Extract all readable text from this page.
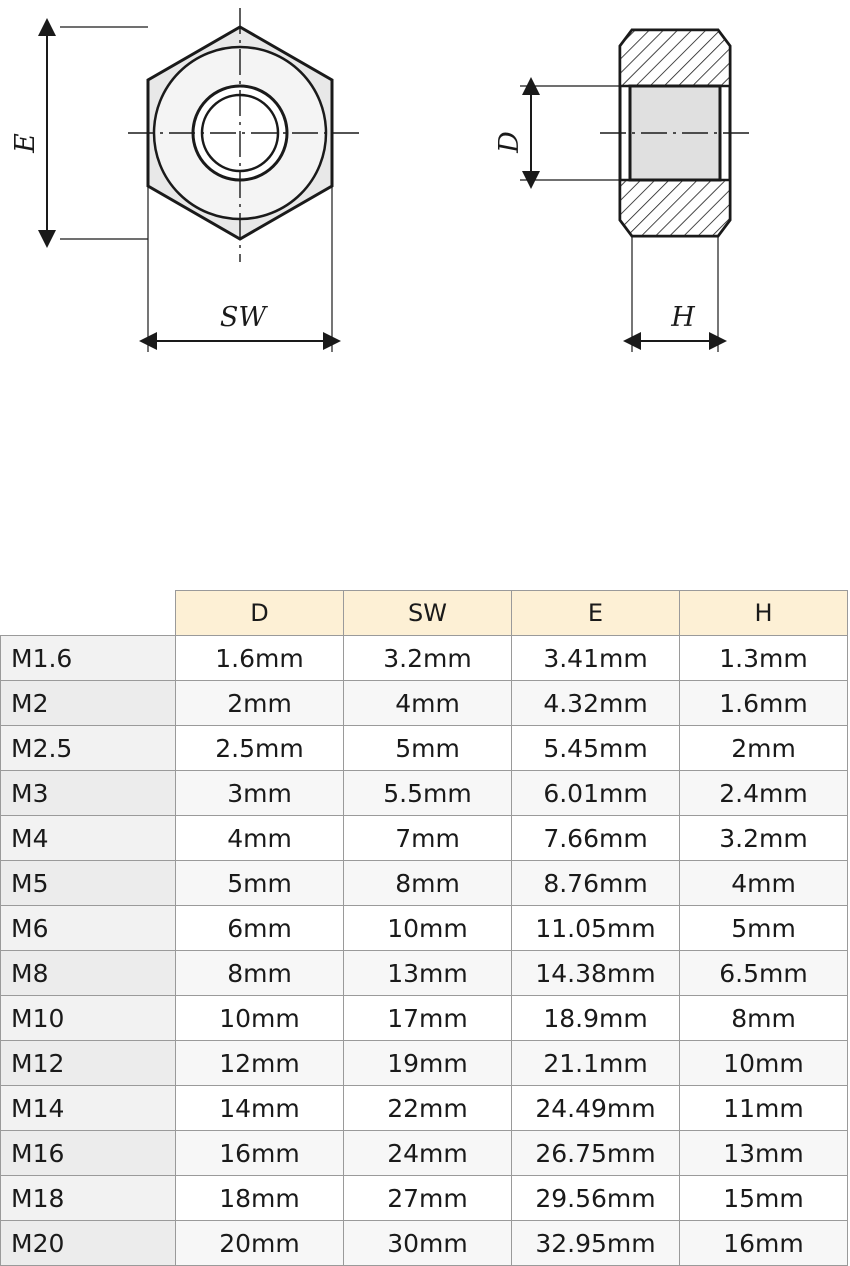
E
SW
D
H
	D	SW	E	H
M1.6	1.6mm	3.2mm	3.41mm	1.3mm
M2	2mm	4mm	4.32mm	1.6mm
M2.5	2.5mm	5mm	5.45mm	2mm
M3	3mm	5.5mm	6.01mm	2.4mm
M4	4mm	7mm	7.66mm	3.2mm
M5	5mm	8mm	8.76mm	4mm
M6	6mm	10mm	11.05mm	5mm
M8	8mm	13mm	14.38mm	6.5mm
M10	10mm	17mm	18.9mm	8mm
M12	12mm	19mm	21.1mm	10mm
M14	14mm	22mm	24.49mm	11mm
M16	16mm	24mm	26.75mm	13mm
M18	18mm	27mm	29.56mm	15mm
M20	20mm	30mm	32.95mm	16mm
